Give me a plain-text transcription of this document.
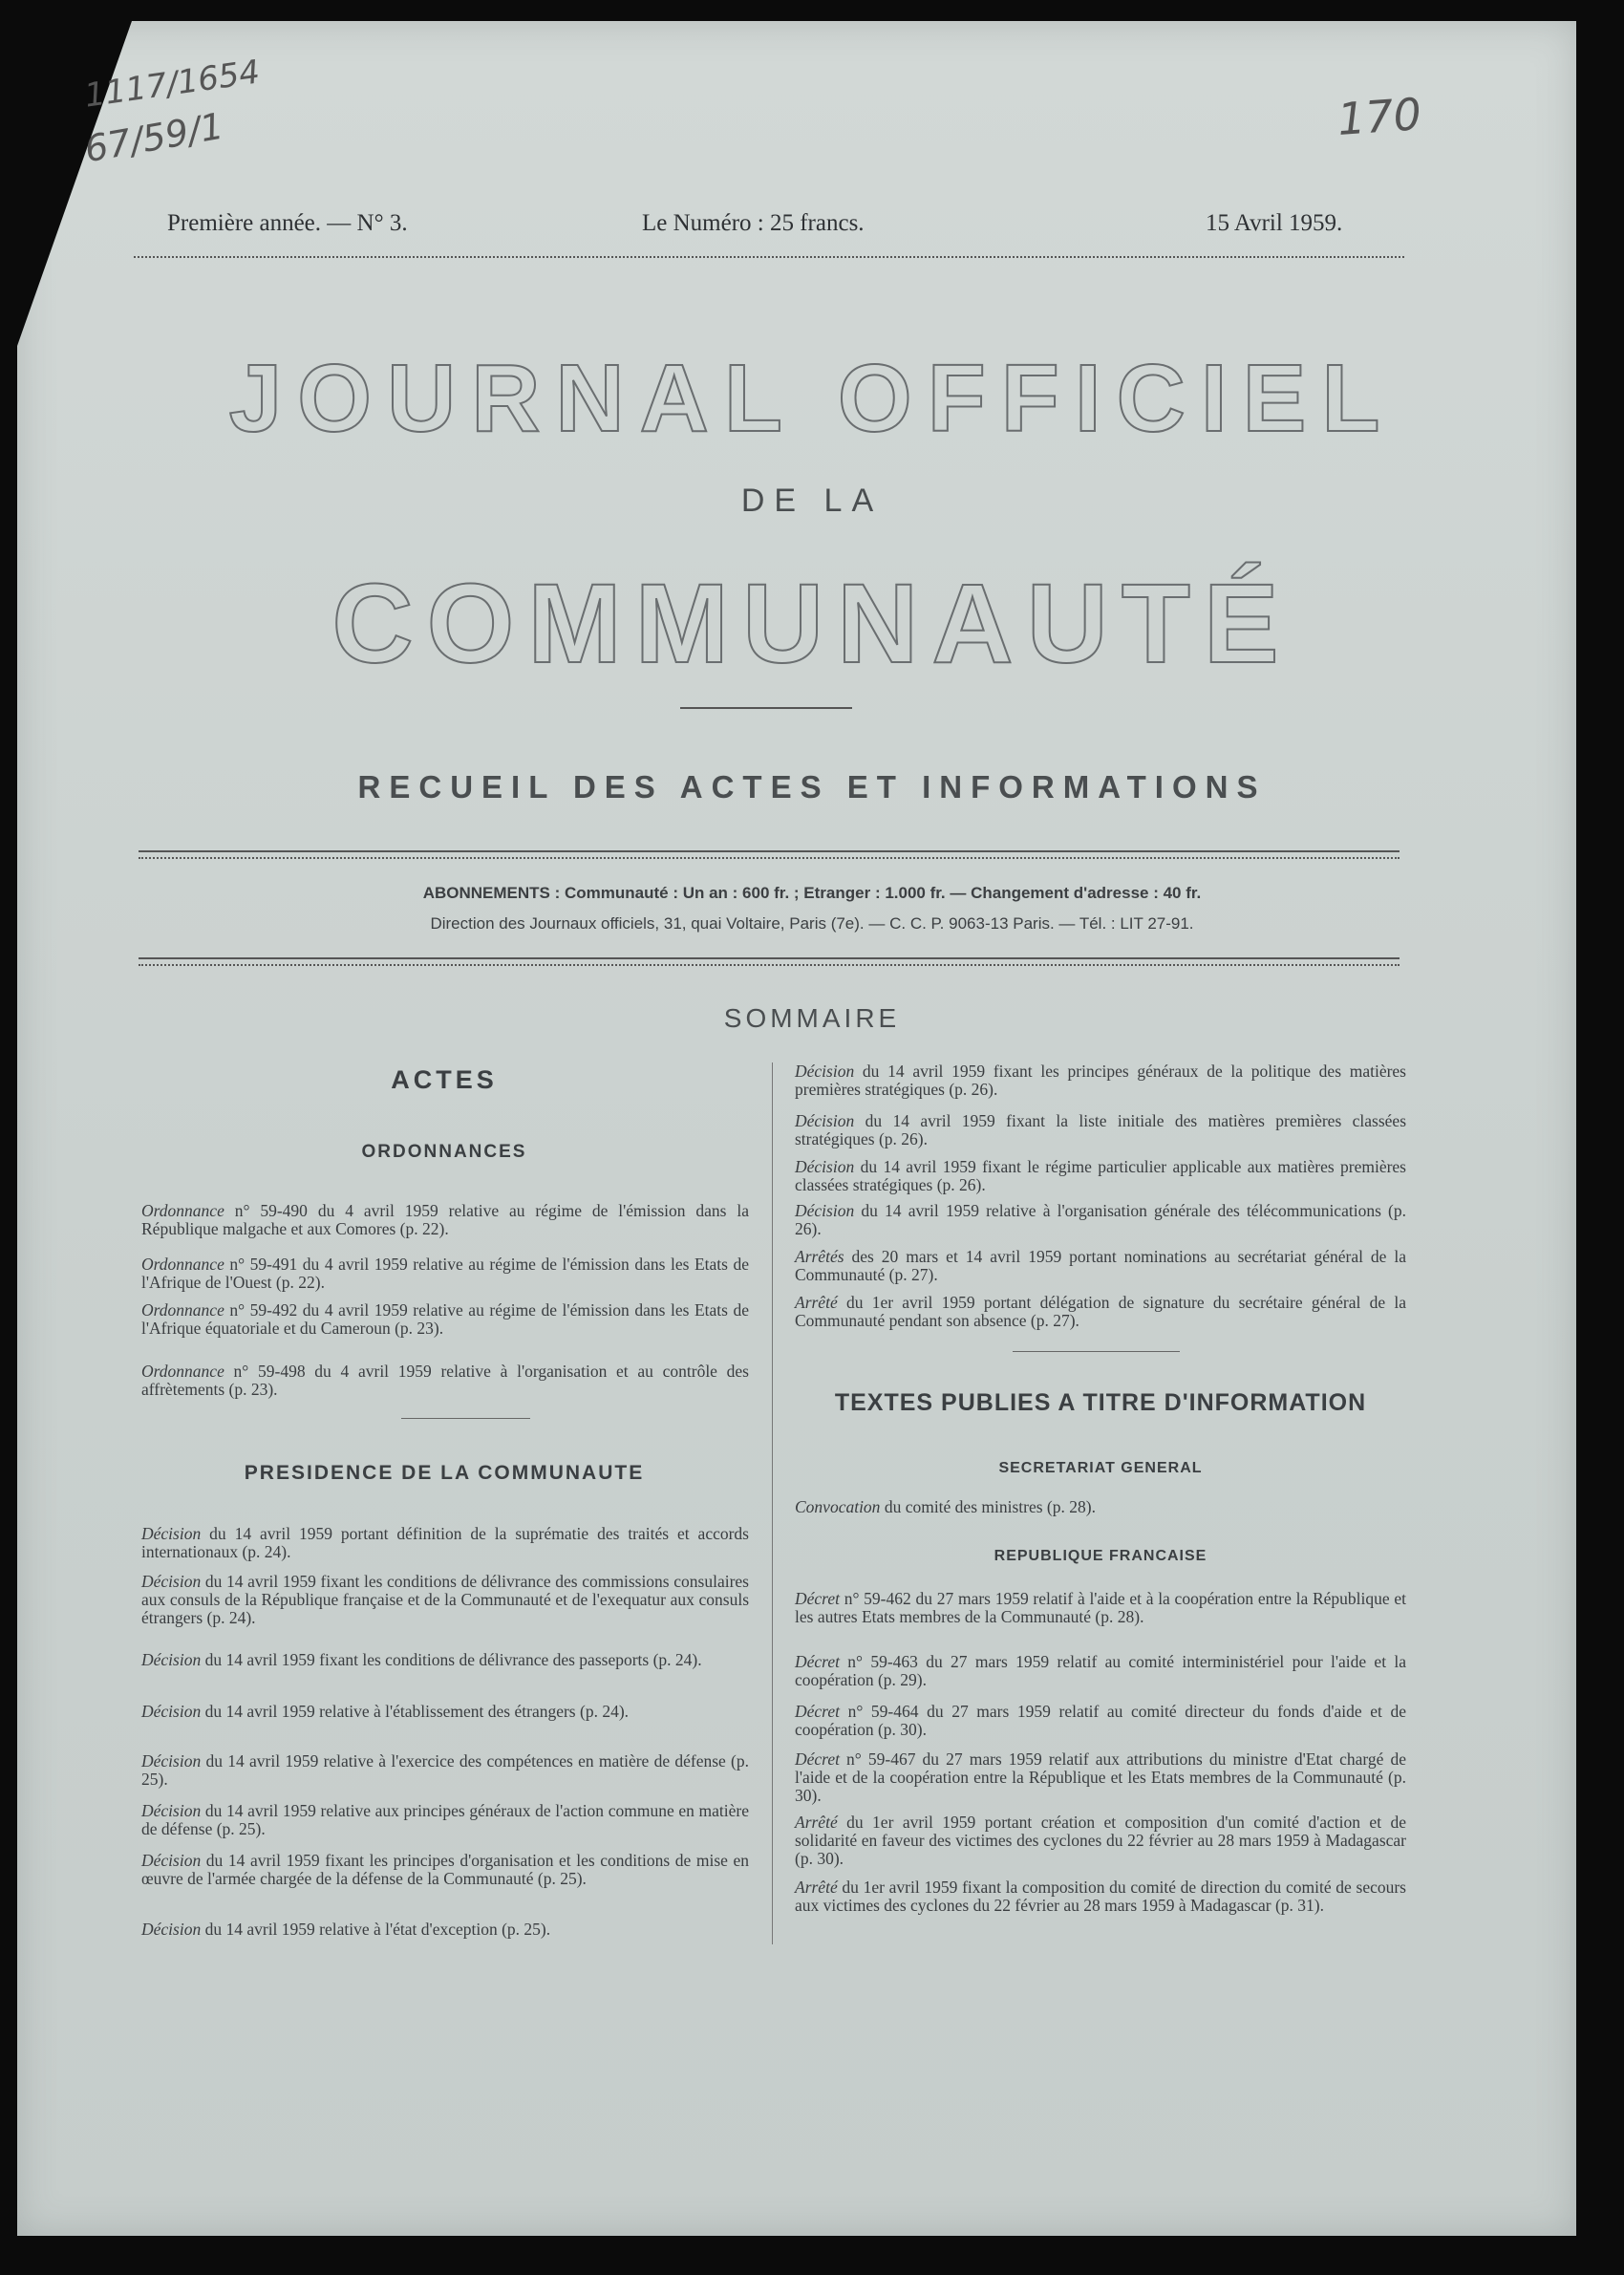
1117/1654
67/59/1	170
Première année. — N° 3.	Le Numéro : 25 francs.	15 Avril 1959.
JOURNAL OFFICIEL
DE LA
COMMUNAUTÉ
RECUEIL DES ACTES ET INFORMATIONS
ABONNEMENTS : Communauté : Un an : 600 fr. ; Etranger : 1.000 fr. — Changement d'adresse : 40 fr.
Direction des Journaux officiels, 31, quai Voltaire, Paris (7e). — C. C. P. 9063-13 Paris. — Tél. : LIT 27-91.
SOMMAIRE
ACTES
ORDONNANCES
Ordonnance n° 59-490 du 4 avril 1959 relative au régime de l'émission dans la République malgache et aux Comores (p. 22).
Ordonnance n° 59-491 du 4 avril 1959 relative au régime de l'émission dans les Etats de l'Afrique de l'Ouest (p. 22).
Ordonnance n° 59-492 du 4 avril 1959 relative au régime de l'émission dans les Etats de l'Afrique équatoriale et du Cameroun (p. 23).
Ordonnance n° 59-498 du 4 avril 1959 relative à l'organisation et au contrôle des affrètements (p. 23).
PRESIDENCE DE LA COMMUNAUTE
Décision du 14 avril 1959 portant définition de la suprématie des traités et accords internationaux (p. 24).
Décision du 14 avril 1959 fixant les conditions de délivrance des commissions consulaires aux consuls de la République française et de la Communauté et de l'exequatur aux consuls étrangers (p. 24).
Décision du 14 avril 1959 fixant les conditions de délivrance des passeports (p. 24).
Décision du 14 avril 1959 relative à l'établissement des étrangers (p. 24).
Décision du 14 avril 1959 relative à l'exercice des compétences en matière de défense (p. 25).
Décision du 14 avril 1959 relative aux principes généraux de l'action commune en matière de défense (p. 25).
Décision du 14 avril 1959 fixant les principes d'organisation et les conditions de mise en œuvre de l'armée chargée de la défense de la Communauté (p. 25).
Décision du 14 avril 1959 relative à l'état d'exception (p. 25).
Décision du 14 avril 1959 fixant les principes généraux de la politique des matières premières stratégiques (p. 26).
Décision du 14 avril 1959 fixant la liste initiale des matières premières classées stratégiques (p. 26).
Décision du 14 avril 1959 fixant le régime particulier applicable aux matières premières classées stratégiques (p. 26).
Décision du 14 avril 1959 relative à l'organisation générale des télécommunications (p. 26).
Arrêtés des 20 mars et 14 avril 1959 portant nominations au secrétariat général de la Communauté (p. 27).
Arrêté du 1er avril 1959 portant délégation de signature du secrétaire général de la Communauté pendant son absence (p. 27).
TEXTES PUBLIES A TITRE D'INFORMATION
SECRETARIAT GENERAL
Convocation du comité des ministres (p. 28).
REPUBLIQUE FRANCAISE
Décret n° 59-462 du 27 mars 1959 relatif à l'aide et à la coopération entre la République et les autres Etats membres de la Communauté (p. 28).
Décret n° 59-463 du 27 mars 1959 relatif au comité interministériel pour l'aide et la coopération (p. 29).
Décret n° 59-464 du 27 mars 1959 relatif au comité directeur du fonds d'aide et de coopération (p. 30).
Décret n° 59-467 du 27 mars 1959 relatif aux attributions du ministre d'Etat chargé de l'aide et de la coopération entre la République et les Etats membres de la Communauté (p. 30).
Arrêté du 1er avril 1959 portant création et composition d'un comité d'action et de solidarité en faveur des victimes des cyclones du 22 février au 28 mars 1959 à Madagascar (p. 30).
Arrêté du 1er avril 1959 fixant la composition du comité de direction du comité de secours aux victimes des cyclones du 22 février au 28 mars 1959 à Madagascar (p. 31).
